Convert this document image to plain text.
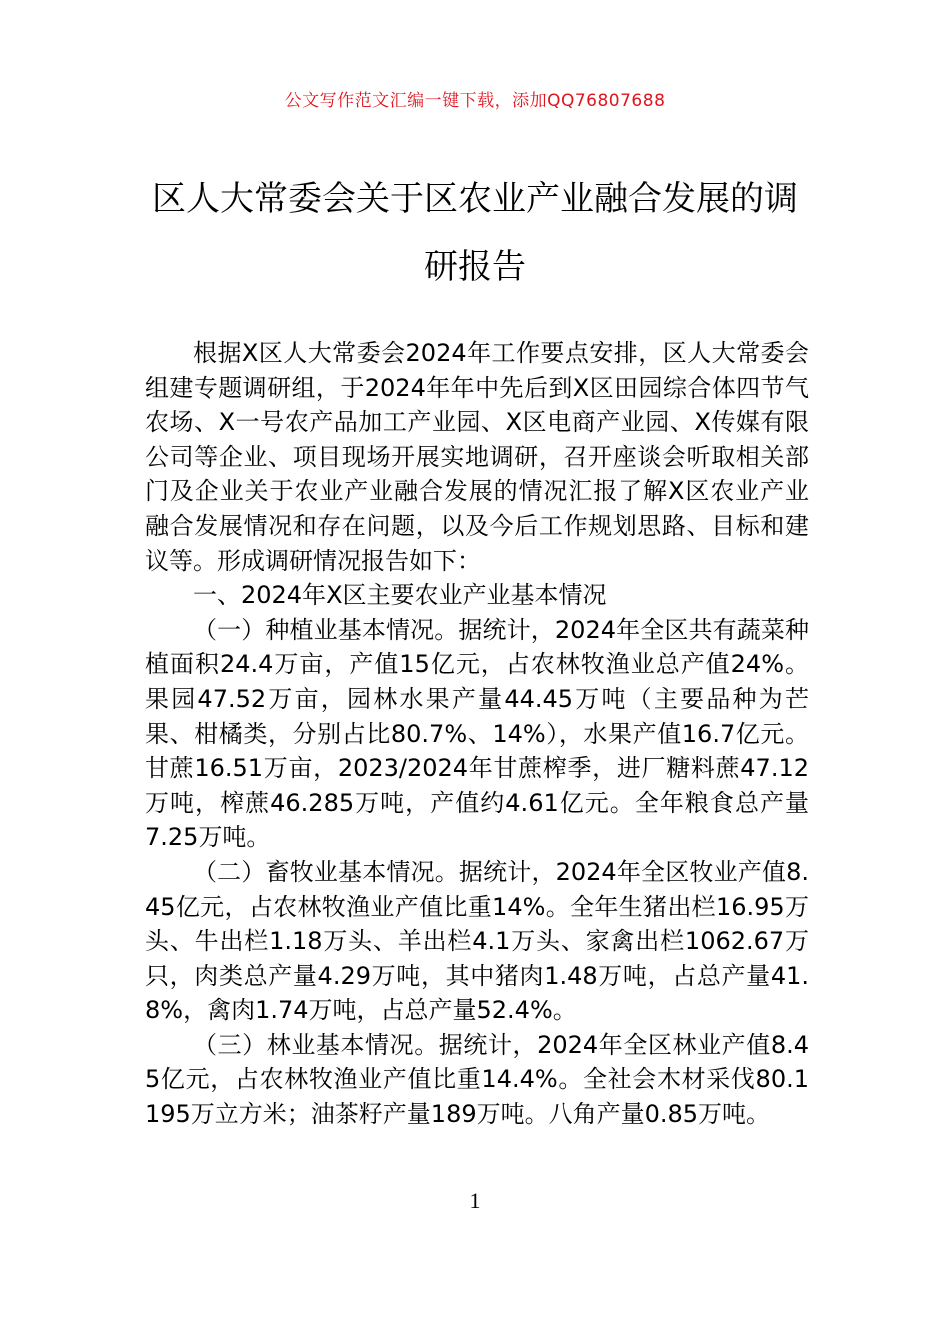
公文写作范文汇编一键下载，添加QQ76807688
区人大常委会关于区农业产业融合发展的调研报告

根据X区人大常委会2024年工作要点安排，区人大常委会组建专题调研组，于2024年年中先后到X区田园综合体四节气农场、X一号农产品加工产业园、X区电商产业园、X传媒有限公司等企业、项目现场开展实地调研，召开座谈会听取相关部门及企业关于农业产业融合发展的情况汇报了解X区农业产业融合发展情况和存在问题，以及今后工作规划思路、目标和建议等。形成调研情况报告如下：

一、2024年X区主要农业产业基本情况

（一）种植业基本情况。据统计，2024年全区共有蔬菜种植面积24.4万亩，产值15亿元，占农林牧渔业总产值24%。果园47.52万亩，园林水果产量44.45万吨（主要品种为芒果、柑橘类，分别占比80.7%、14%），水果产值16.7亿元。甘蔗16.51万亩，2023/2024年甘蔗榨季，进厂糖料蔗47.12万吨，榨蔗46.285万吨，产值约4.61亿元。全年粮食总产量7.25万吨。

（二）畜牧业基本情况。据统计，2024年全区牧业产值8.45亿元，占农林牧渔业产值比重14%。全年生猪出栏16.95万头、牛出栏1.18万头、羊出栏4.1万头、家禽出栏1062.67万只，肉类总产量4.29万吨，其中猪肉1.48万吨，占总产量41.8%，禽肉1.74万吨，占总产量52.4%。

（三）林业基本情况。据统计，2024年全区林业产值8.45亿元，占农林牧渔业产值比重14.4%。全社会木材采伐80.1195万立方米；油茶籽产量189万吨。八角产量0.85万吨。

1
